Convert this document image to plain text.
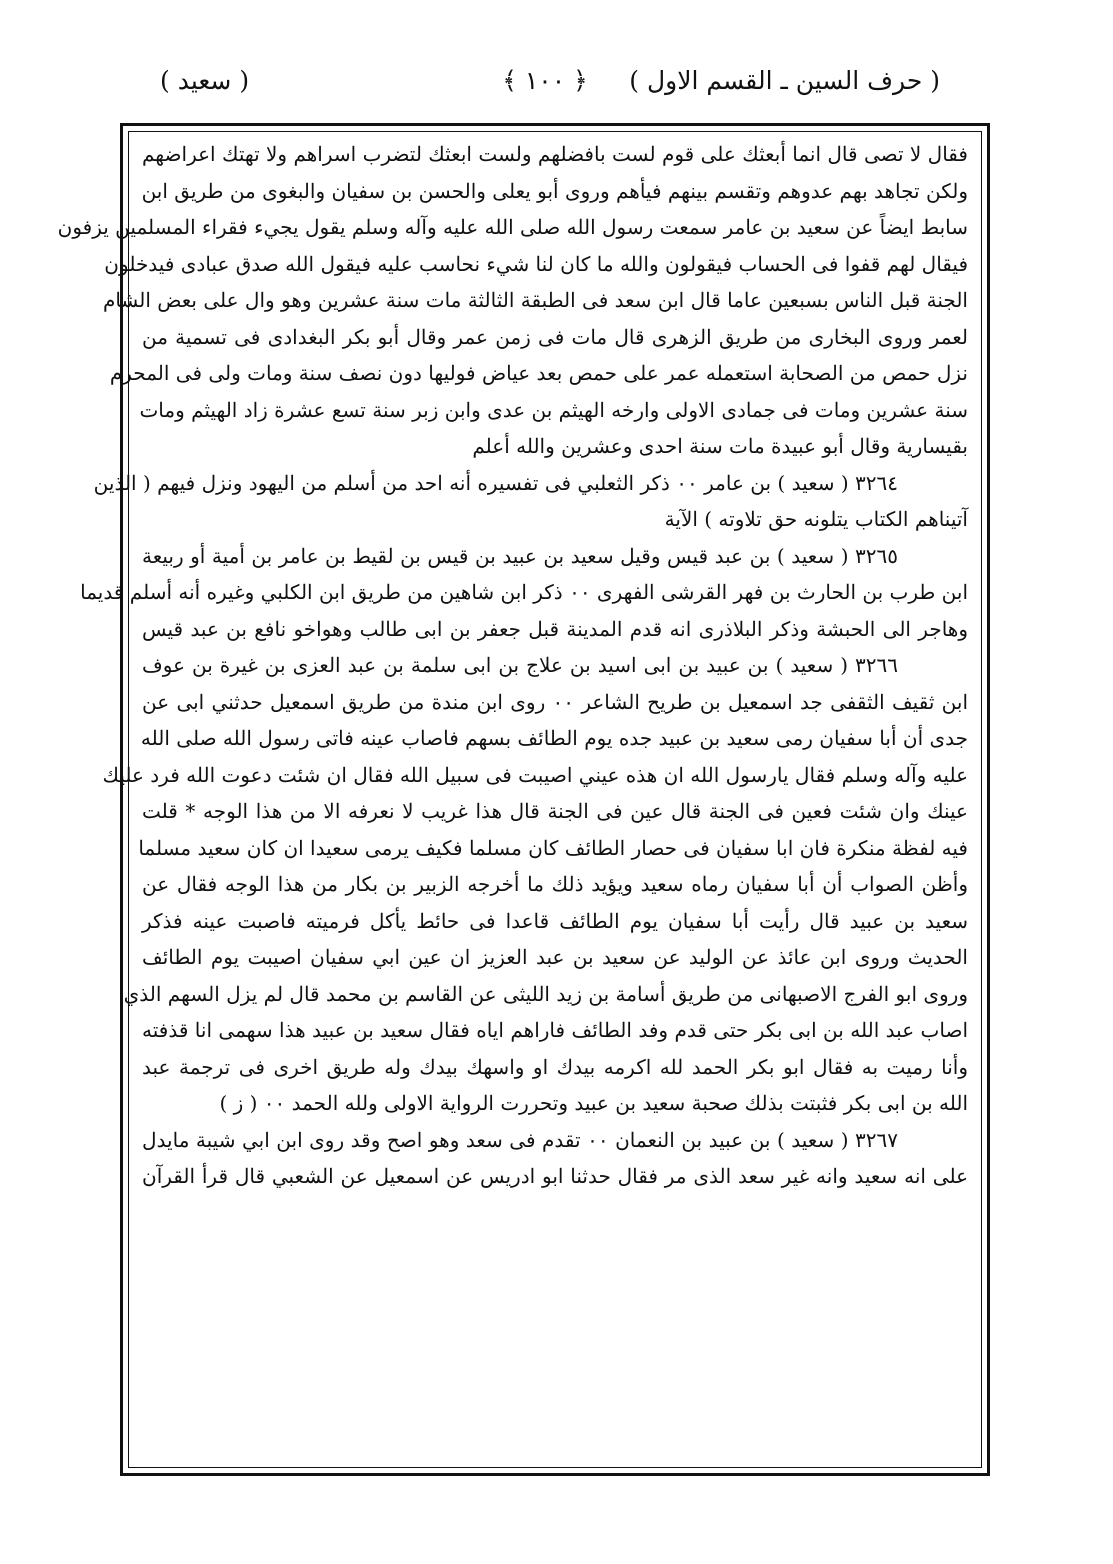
( حرف السين ـ القسم الاول )
﴿ ١٠٠ ﴾
( سعيد )
فقال لا تصى قال انما أبعثك على قوم لست بافضلهم ولست ابعثك لتضرب اسراهم ولا تهتك اعراضهم
ولكن تجاهد بهم عدوهم وتقسم بينهم فيأهم وروى أبو يعلى والحسن بن سفيان والبغوى من طريق ابن
سابط ايضاً عن سعيد بن عامر سمعت رسول الله صلى الله عليه وآله وسلم يقول يجيء فقراء المسلمين يزفون
فيقال لهم قفوا فى الحساب فيقولون والله ما كان لنا شيء نحاسب عليه فيقول الله صدق عبادى فيدخلون
الجنة قبل الناس بسبعين عاما قال ابن سعد فى الطبقة الثالثة مات سنة عشرين وهو وال على بعض الشام
لعمر وروى البخارى من طريق الزهرى قال مات فى زمن عمر وقال أبو بكر البغدادى فى تسمية من
نزل حمص من الصحابة استعمله عمر على حمص بعد عياض فوليها دون نصف سنة ومات ولى فى المحرم
سنة عشرين ومات فى جمادى الاولى وارخه الهيثم بن عدى وابن زبر سنة تسع عشرة زاد الهيثم ومات
بقيسارية وقال أبو عبيدة مات سنة احدى وعشرين والله أعلم
٣٢٦٤ ( سعيد ) بن عامر ٠٠ ذكر الثعلبي فى تفسيره أنه احد من أسلم من اليهود ونزل فيهم ( الذين
آتيناهم الكتاب يتلونه حق تلاوته ) الآية
٣٢٦٥ ( سعيد ) بن عبد قيس وقيل سعيد بن عبيد بن قيس بن لقيط بن عامر بن أمية أو ربيعة
ابن طرب بن الحارث بن فهر القرشى الفهرى ٠٠ ذكر ابن شاهين من طريق ابن الكلبي وغيره أنه أسلم قديما
وهاجر الى الحبشة وذكر البلاذرى انه قدم المدينة قبل جعفر بن ابى طالب وهواخو نافع بن عبد قيس
٣٢٦٦ ( سعيد ) بن عبيد بن ابى اسيد بن علاج بن ابى سلمة بن عبد العزى بن غيرة بن عوف
ابن ثقيف الثقفى جد اسمعيل بن طريح الشاعر ٠٠ روى ابن مندة من طريق اسمعيل حدثني ابى عن
جدى أن أبا سفيان رمى سعيد بن عبيد جده يوم الطائف بسهم فاصاب عينه فاتى رسول الله صلى الله
عليه وآله وسلم فقال يارسول الله ان هذه عيني اصيبت فى سبيل الله فقال ان شئت دعوت الله فرد عليك
عينك وان شئت فعين فى الجنة قال عين فى الجنة قال هذا غريب لا نعرفه الا من هذا الوجه * قلت
فيه لفظة منكرة فان ابا سفيان فى حصار الطائف كان مسلما فكيف يرمى سعيدا ان كان سعيد مسلما
وأظن الصواب أن أبا سفيان رماه سعيد ويؤيد ذلك ما أخرجه الزبير بن بكار من هذا الوجه فقال عن
سعيد بن عبيد قال رأيت أبا سفيان يوم الطائف قاعدا فى حائط يأكل فرميته فاصبت عينه فذكر
الحديث وروى ابن عائذ عن الوليد عن سعيد بن عبد العزيز ان عين ابي سفيان اصيبت يوم الطائف
وروى ابو الفرج الاصبهانى من طريق أسامة بن زيد الليثى عن القاسم بن محمد قال لم يزل السهم الذي
اصاب عبد الله بن ابى بكر حتى قدم وفد الطائف فاراهم اياه فقال سعيد بن عبيد هذا سهمى انا قذفته
وأنا رميت به فقال ابو بكر الحمد لله اكرمه بيدك او واسهك بيدك وله طريق اخرى فى ترجمة عبد
الله بن ابى بكر فثبتت بذلك صحبة سعيد بن عبيد وتحررت الرواية الاولى ولله الحمد ٠٠ ( ز )
٣٢٦٧ ( سعيد ) بن عبيد بن النعمان ٠٠ تقدم فى سعد وهو اصح وقد روى ابن ابي شيبة مايدل
على انه سعيد وانه غير سعد الذى مر فقال حدثنا ابو ادريس عن اسمعيل عن الشعبي قال قرأ القرآن
